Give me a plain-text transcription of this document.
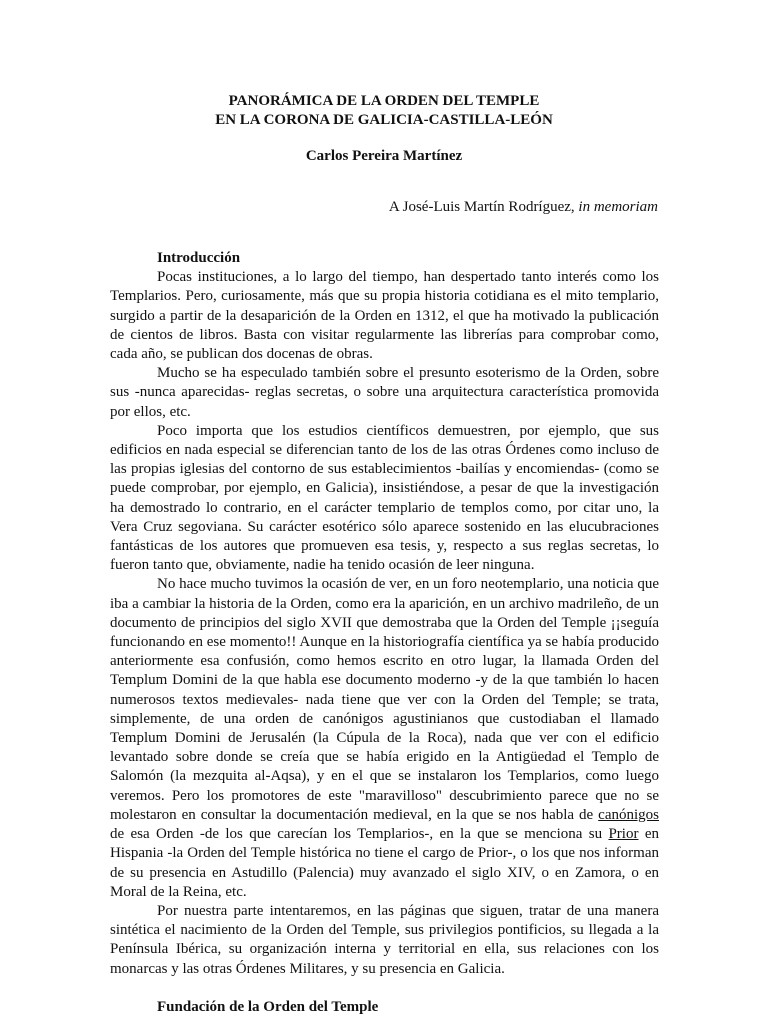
PANORÁMICA DE LA ORDEN DEL TEMPLE

EN LA CORONA DE GALICIA-CASTILLA-LEÓN

Carlos Pereira Martínez
A José-Luis Martín Rodríguez, in memoriam

Introducción

Pocas instituciones, a lo largo del tiempo, han despertado tanto interés como los Templarios. Pero, curiosamente, más que su propia historia cotidiana es el mito templario, surgido a partir de la desaparición de la Orden en 1312, el que ha motivado la publicación de cientos de libros. Basta con visitar regularmente las librerías para comprobar como, cada año, se publican dos docenas de obras.

Mucho se ha especulado también sobre el presunto esoterismo de la Orden, sobre sus -nunca aparecidas- reglas secretas, o sobre una arquitectura característica promovida por ellos, etc.

Poco importa que los estudios científicos demuestren, por ejemplo, que sus edificios en nada especial se diferencian tanto de los de las otras Órdenes como incluso de las propias iglesias del contorno de sus establecimientos -bailías y encomiendas- (como se puede comprobar, por ejemplo, en Galicia), insistiéndose, a pesar de que la investigación ha demostrado lo contrario, en el carácter templario de templos como, por citar uno, la Vera Cruz segoviana. Su carácter esotérico sólo aparece sostenido en las elucubraciones fantásticas de los autores que promueven esa tesis, y, respecto a sus reglas secretas, lo fueron tanto que, obviamente, nadie ha tenido ocasión de leer ninguna.

No hace mucho tuvimos la ocasión de ver, en un foro neotemplario, una noticia que iba a cambiar la historia de la Orden, como era la aparición, en un archivo madrileño, de un documento de principios del siglo XVII que demostraba que la Orden del Temple ¡¡seguía funcionando en ese momento!! Aunque en la historiografía científica ya se había producido anteriormente esa confusión, como hemos escrito en otro lugar, la llamada Orden del Templum Domini de la que habla ese documento moderno -y de la que también lo hacen numerosos textos medievales- nada tiene que ver con la Orden del Temple; se trata, simplemente, de una orden de canónigos agustinianos que custodiaban el llamado Templum Domini de Jerusalén (la Cúpula de la Roca), nada que ver con el edificio levantado sobre donde se creía que se había erigido en la Antigüedad el Templo de Salomón (la mezquita al-Aqsa), y en el que se instalaron los Templarios, como luego veremos. Pero los promotores de este "maravilloso" descubrimiento parece que no se molestaron en consultar la documentación medieval, en la que se nos habla de canónigos de esa Orden -de los que carecían los Templarios-, en la que se menciona su Prior en Hispania -la Orden del Temple histórica no tiene el cargo de Prior-, o los que nos informan de su presencia en Astudillo (Palencia) muy avanzado el siglo XIV, o en Zamora, o en Moral de la Reina, etc.

Por nuestra parte intentaremos, en las páginas que siguen, tratar de una manera sintética el nacimiento de la Orden del Temple, sus privilegios pontificios, su llegada a la Península Ibérica, su organización interna y territorial en ella, sus relaciones con los monarcas y las otras Órdenes Militares, y su presencia en Galicia.

Fundación de la Orden del Temple
